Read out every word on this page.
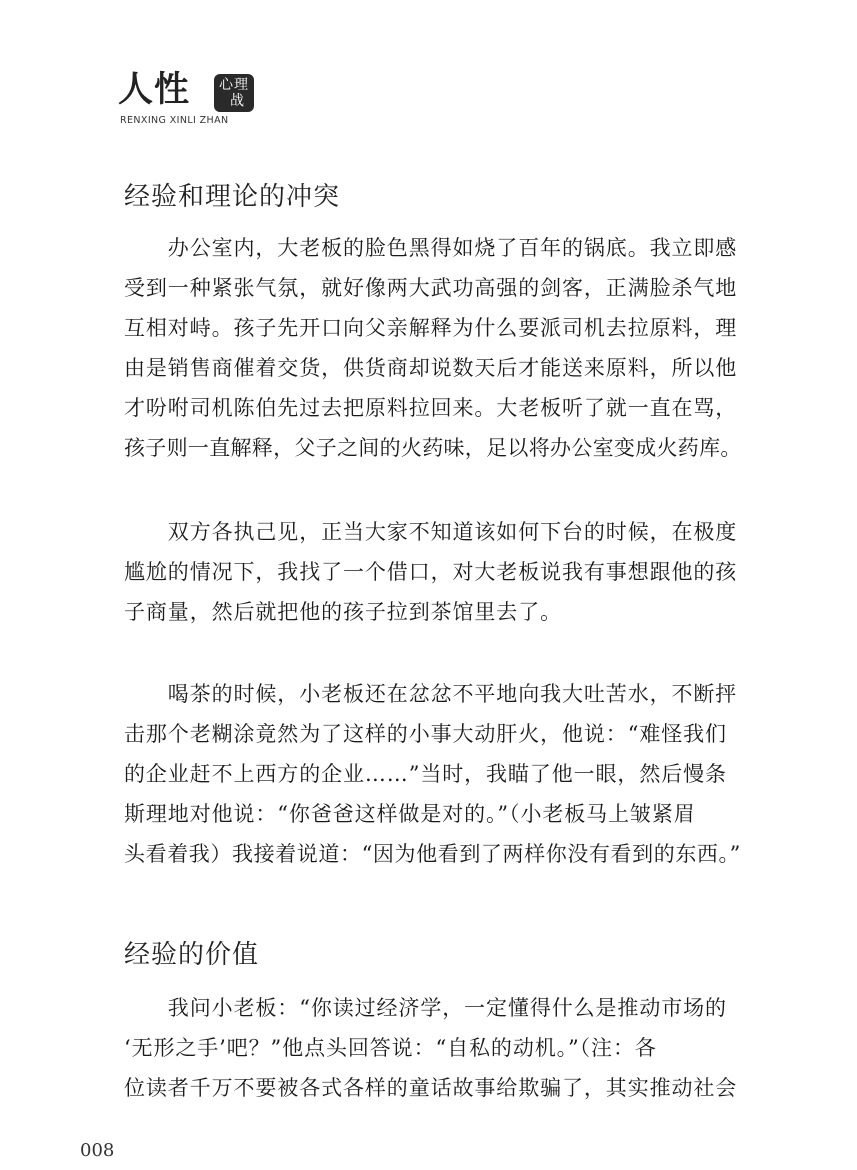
人性	心理
战
RENXING XINLI ZHAN
经验和理论的冲突
　　办公室内，大老板的脸色黑得如烧了百年的锅底。我立即感
受到一种紧张气氛，就好像两大武功高强的剑客，正满脸杀气地
互相对峙。孩子先开口向父亲解释为什么要派司机去拉原料，理
由是销售商催着交货，供货商却说数天后才能送来原料，所以他
才吩咐司机陈伯先过去把原料拉回来。大老板听了就一直在骂，
孩子则一直解释，父子之间的火药味，足以将办公室变成火药库。
　　双方各执己见，正当大家不知道该如何下台的时候，在极度
尴尬的情况下，我找了一个借口，对大老板说我有事想跟他的孩
子商量，然后就把他的孩子拉到茶馆里去了。
　　喝茶的时候，小老板还在忿忿不平地向我大吐苦水，不断抨
击那个老糊涂竟然为了这样的小事大动肝火，他说：“难怪我们
的企业赶不上西方的企业……”当时，我瞄了他一眼，然后慢条
斯理地对他说：“你爸爸这样做是对的。”（小老板马上皱紧眉
头看着我）我接着说道：“因为他看到了两样你没有看到的东西。”
经验的价值
　　我问小老板：“你读过经济学，一定懂得什么是推动市场的
‘无形之手’吧？”他点头回答说：“自私的动机。”（注：各
位读者千万不要被各式各样的童话故事给欺骗了，其实推动社会
008
